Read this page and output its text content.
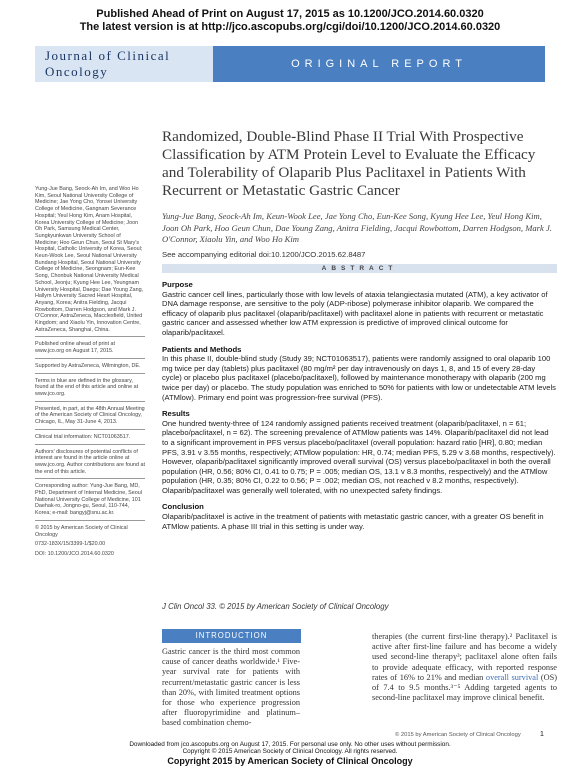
Published Ahead of Print on August 17, 2015 as 10.1200/JCO.2014.60.0320
The latest version is at http://jco.ascopubs.org/cgi/doi/10.1200/JCO.2014.60.0320
Journal of Clinical Oncology	ORIGINAL REPORT
Randomized, Double-Blind Phase II Trial With Prospective Classification by ATM Protein Level to Evaluate the Efficacy and Tolerability of Olaparib Plus Paclitaxel in Patients With Recurrent or Metastatic Gastric Cancer
Yung-Jue Bang, Seock-Ah Im, Keun-Wook Lee, Jae Yong Cho, Eun-Kee Song, Kyung Hee Lee, Yeul Hong Kim, Joon Oh Park, Hoo Geun Chun, Dae Young Zang, Anitra Fielding, Jacqui Rowbottom, Darren Hodgson, Mark J. O'Connor, Xiaolu Yin, and Woo Ho Kim
See accompanying editorial doi:10.1200/JCO.2015.62.8487
ABSTRACT
Purpose

Gastric cancer cell lines, particularly those with low levels of ataxia telangiectasia mutated (ATM), a key activator of DNA damage response, are sensitive to the poly (ADP-ribose) polymerase inhibitor olaparib. We compared the efficacy of olaparib plus paclitaxel (olaparib/paclitaxel) with paclitaxel alone in patients with recurrent or metastatic gastric cancer and assessed whether low ATM expression is predictive of improved clinical outcome for olaparib/paclitaxel.

Patients and Methods

In this phase II, double-blind study (Study 39; NCT01063517), patients were randomly assigned to oral olaparib 100 mg twice per day (tablets) plus paclitaxel (80 mg/m² per day intravenously on days 1, 8, and 15 of every 28-day cycle) or placebo plus paclitaxel (placebo/paclitaxel), followed by maintenance monotherapy with olaparib (200 mg twice per day) or placebo. The study population was enriched to 50% for patients with low or undetectable ATM levels (ATMlow). Primary end point was progression-free survival (PFS).

Results

One hundred twenty-three of 124 randomly assigned patients received treatment (olaparib/paclitaxel, n = 61; placebo/paclitaxel, n = 62). The screening prevalence of ATMlow patients was 14%. Olaparib/paclitaxel did not lead to a significant improvement in PFS versus placebo/paclitaxel (overall population: hazard ratio [HR], 0.80; median PFS, 3.91 v 3.55 months, respectively; ATMlow population: HR, 0.74; median PFS, 5.29 v 3.68 months, respectively). However, olaparib/paclitaxel significantly improved overall survival (OS) versus placebo/paclitaxel in both the overall population (HR, 0.56; 80% CI, 0.41 to 0.75; P = .005; median OS, 13.1 v 8.3 months, respectively) and the ATMlow population (HR, 0.35; 80% CI, 0.22 to 0.56; P = .002; median OS, not reached v 8.2 months, respectively). Olaparib/paclitaxel was generally well tolerated, with no unexpected safety findings.

Conclusion

Olaparib/paclitaxel is active in the treatment of patients with metastatic gastric cancer, with a greater OS benefit in ATMlow patients. A phase III trial in this setting is under way.

J Clin Oncol 33. © 2015 by American Society of Clinical Oncology

Yung-Jue Bang, Seock-Ah Im, and Woo Ho Kim, Seoul National University College of Medicine; Jae Yong Cho, Yonsei University College of Medicine, Gangnam Severance Hospital; Yeul Hong Kim, Anam Hospital, Korea University College of Medicine; Joon Oh Park, Samsung Medical Center, Sungkyunkwan University School of Medicine; Hoo Geun Chun, Seoul St Mary's Hospital, Catholic University of Korea, Seoul; Keun-Wook Lee, Seoul National University Bundang Hospital, Seoul National University College of Medicine, Seongnam; Eun-Kee Song, Chonbuk National University Medical School, Jeonju; Kyung Hee Lee, Yeungnam University Hospital, Daegu; Dae Young Zang, Hallym University Sacred Heart Hospital, Anyang, Korea; Anitra Fielding, Jacqui Rowbottom, Darren Hodgson, and Mark J. O'Connor, AstraZeneca, Macclesfield, United Kingdom; and Xiaolu Yin, Innovation Centre, AstraZeneca, Shanghai, China.

Published online ahead of print at www.jco.org on August 17, 2015.

Supported by AstraZeneca, Wilmington, DE.

Terms in blue are defined in the glossary, found at the end of this article and online at www.jco.org.

Presented, in part, at the 48th Annual Meeting of the American Society of Clinical Oncology, Chicago, IL, May 31-June 4, 2013.

Clinical trial information: NCT01063517.

Authors' disclosures of potential conflicts of interest are found in the article online at www.jco.org. Author contributions are found at the end of this article.

Corresponding author: Yung-Jue Bang, MD, PhD, Department of Internal Medicine, Seoul National University College of Medicine, 101 Daehak-ro, Jongno-gu, Seoul, 110-744, Korea; e-mail: bangyj@snu.ac.kr.

© 2015 by American Society of Clinical Oncology

0732-183X/15/3399-1/$20.00

DOI: 10.1200/JCO.2014.60.0320

INTRODUCTION
Gastric cancer is the third most common cause of cancer deaths worldwide.¹ Five-year survival rate for patients with recurrent/metastatic gastric cancer is less than 20%, with limited treatment options for those who experience progression after fluoropyrimidine and platinum–based combination chemo-
therapies (the current first-line therapy).² Paclitaxel is active after first-line failure and has become a widely used second-line therapy³; paclitaxel alone often fails to provide adequate efficacy, with reported response rates of 16% to 21% and median overall survival (OS) of 7.4 to 9.5 months.³⁻⁵ Adding targeted agents to second-line paclitaxel may improve clinical benefit.
© 2015 by American Society of Clinical Oncology	1
Downloaded from jco.ascopubs.org on August 17, 2015. For personal use only. No other uses without permission.
Copyright © 2015 American Society of Clinical Oncology. All rights reserved.
Copyright 2015 by American Society of Clinical Oncology
